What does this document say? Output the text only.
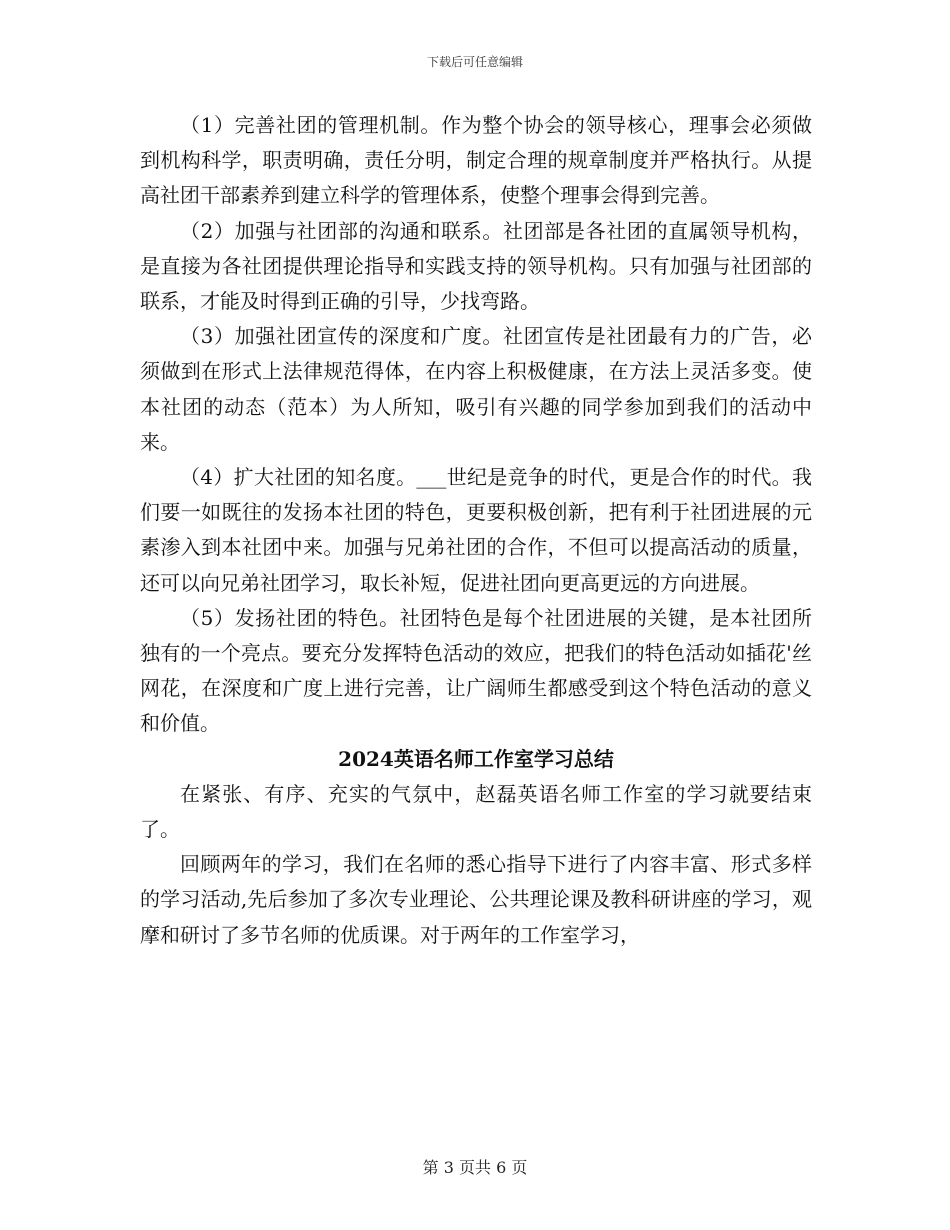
下载后可任意编辑

（1）完善社团的管理机制。作为整个协会的领导核心，理事会必须做到机构科学，职责明确，责任分明，制定合理的规章制度并严格执行。从提高社团干部素养到建立科学的管理体系，使整个理事会得到完善。

（2）加强与社团部的沟通和联系。社团部是各社团的直属领导机构，是直接为各社团提供理论指导和实践支持的领导机构。只有加强与社团部的联系，才能及时得到正确的引导，少找弯路。

（3）加强社团宣传的深度和广度。社团宣传是社团最有力的广告，必须做到在形式上法律规范得体，在内容上积极健康，在方法上灵活多变。使本社团的动态（范本）为人所知，吸引有兴趣的同学参加到我们的活动中来。

（4）扩大社团的知名度。___世纪是竞争的时代，更是合作的时代。我们要一如既往的发扬本社团的特色，更要积极创新，把有利于社团进展的元素渗入到本社团中来。加强与兄弟社团的合作，不但可以提高活动的质量，还可以向兄弟社团学习，取长补短，促进社团向更高更远的方向进展。

（5）发扬社团的特色。社团特色是每个社团进展的关键，是本社团所独有的一个亮点。要充分发挥特色活动的效应，把我们的特色活动如插花'丝网花，在深度和广度上进行完善，让广阔师生都感受到这个特色活动的意义和价值。

2024英语名师工作室学习总结

在紧张、有序、充实的气氛中，赵磊英语名师工作室的学习就要结束了。

回顾两年的学习，我们在名师的悉心指导下进行了内容丰富、形式多样的学习活动,先后参加了多次专业理论、公共理论课及教科研讲座的学习，观摩和研讨了多节名师的优质课。对于两年的工作室学习，

第 3 页共 6 页
